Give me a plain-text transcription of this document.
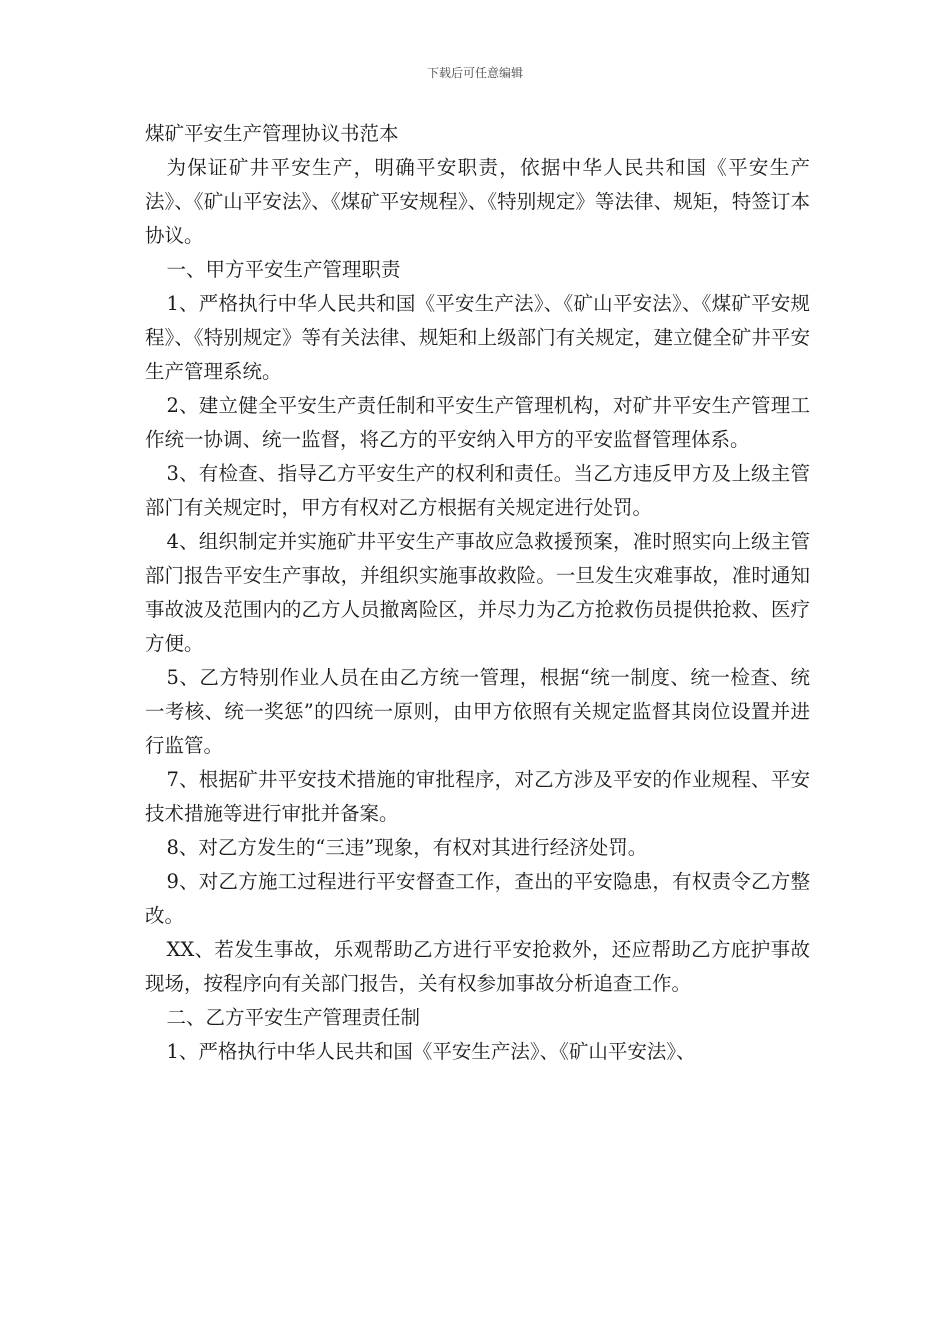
下载后可任意编辑

煤矿平安生产管理协议书范本

为保证矿井平安生产，明确平安职责，依据中华人民共和国《平安生产法》、《矿山平安法》、《煤矿平安规程》、《特别规定》等法律、规矩，特签订本协议。

一、甲方平安生产管理职责

1、严格执行中华人民共和国《平安生产法》、《矿山平安法》、《煤矿平安规程》、《特别规定》等有关法律、规矩和上级部门有关规定，建立健全矿井平安生产管理系统。

2、建立健全平安生产责任制和平安生产管理机构，对矿井平安生产管理工作统一协调、统一监督，将乙方的平安纳入甲方的平安监督管理体系。

3、有检查、指导乙方平安生产的权利和责任。当乙方违反甲方及上级主管部门有关规定时，甲方有权对乙方根据有关规定进行处罚。

4、组织制定并实施矿井平安生产事故应急救援预案，准时照实向上级主管部门报告平安生产事故，并组织实施事故救险。一旦发生灾难事故，准时通知事故波及范围内的乙方人员撤离险区，并尽力为乙方抢救伤员提供抢救、医疗方便。

5、乙方特别作业人员在由乙方统一管理，根据“统一制度、统一检查、统一考核、统一奖惩”的四统一原则，由甲方依照有关规定监督其岗位设置并进行监管。

7、根据矿井平安技术措施的审批程序，对乙方涉及平安的作业规程、平安技术措施等进行审批并备案。

8、对乙方发生的“三违”现象，有权对其进行经济处罚。

9、对乙方施工过程进行平安督查工作，查出的平安隐患，有权责令乙方整改。

XX、若发生事故，乐观帮助乙方进行平安抢救外，还应帮助乙方庇护事故现场，按程序向有关部门报告，关有权参加事故分析追查工作。

二、乙方平安生产管理责任制

1、严格执行中华人民共和国《平安生产法》、《矿山平安法》、
